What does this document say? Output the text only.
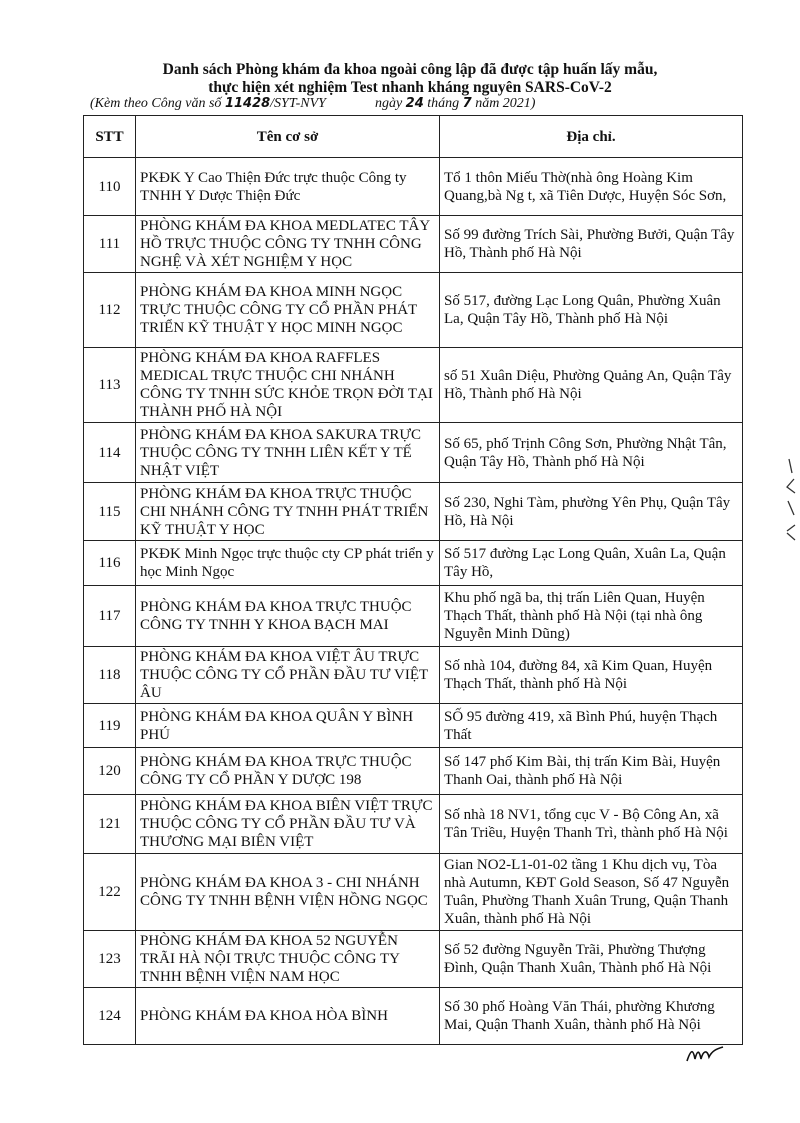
Danh sách Phòng khám đa khoa ngoài công lập đã được tập huấn lấy mẫu,
thực hiện xét nghiệm Test nhanh kháng nguyên SARS-CoV-2
(Kèm theo Công văn số 11428/SYT-NVY	ngày 24 tháng 7 năm 2021)
STT	Tên cơ sở	Địa chỉ.
110	PKĐK Y Cao Thiện Đức trực thuộc Công ty TNHH Y Dược Thiện Đức	Tổ 1 thôn Miếu Thờ(nhà ông Hoàng Kim Quang,bà Ng t, xã Tiên Dược, Huyện Sóc Sơn,
111	PHÒNG KHÁM ĐA KHOA MEDLATEC TÂY HỒ TRỰC THUỘC CÔNG TY TNHH CÔNG NGHỆ VÀ XÉT NGHIỆM Y HỌC	Số 99 đường Trích Sài, Phường Bưởi, Quận Tây Hồ, Thành phố Hà Nội
112	PHÒNG KHÁM ĐA KHOA MINH NGỌC TRỰC THUỘC CÔNG TY CỔ PHẦN PHÁT TRIỂN KỸ THUẬT Y HỌC MINH NGỌC	Số 517, đường Lạc Long Quân, Phường Xuân La, Quận Tây Hồ, Thành phố Hà Nội
113	PHÒNG KHÁM ĐA KHOA RAFFLES MEDICAL TRỰC THUỘC CHI NHÁNH CÔNG TY TNHH SỨC KHỎE TRỌN ĐỜI TẠI THÀNH PHỐ HÀ NỘI	số 51 Xuân Diệu, Phường Quảng An, Quận Tây Hồ, Thành phố Hà Nội
114	PHÒNG KHÁM ĐA KHOA SAKURA TRỰC THUỘC CÔNG TY TNHH LIÊN KẾT Y TẾ NHẬT VIỆT	Số 65, phố Trịnh Công Sơn, Phường Nhật Tân, Quận Tây Hồ, Thành phố Hà Nội
115	PHÒNG KHÁM ĐA KHOA TRỰC THUỘC CHI NHÁNH CÔNG TY TNHH PHÁT TRIỂN KỸ THUẬT Y HỌC	Số 230, Nghi Tàm, phường Yên Phụ, Quận Tây Hồ, Hà Nội
116	PKĐK Minh Ngọc trực thuộc cty CP phát triển y học Minh Ngọc	Số 517 đường Lạc Long Quân, Xuân La, Quận Tây Hồ,
117	PHÒNG KHÁM ĐA KHOA TRỰC THUỘC CÔNG TY TNHH Y KHOA BẠCH MAI	Khu phố ngã ba, thị trấn Liên Quan, Huyện Thạch Thất, thành phố Hà Nội (tại nhà ông Nguyễn Minh Dũng)
118	PHÒNG KHÁM ĐA KHOA VIỆT ÂU TRỰC THUỘC CÔNG TY CỔ PHẦN ĐẦU TƯ VIỆT ÂU	Số nhà 104, đường 84, xã Kim Quan, Huyện Thạch Thất, thành phố Hà Nội
119	PHÒNG KHÁM ĐA KHOA QUÂN Y BÌNH PHÚ	SỐ 95 đường 419, xã Bình Phú, huyện Thạch Thất
120	PHÒNG KHÁM ĐA KHOA TRỰC THUỘC CÔNG TY CỔ PHẦN Y DƯỢC 198	Số 147 phố Kim Bài, thị trấn Kim Bài, Huyện Thanh Oai, thành phố Hà Nội
121	PHÒNG KHÁM ĐA KHOA BIÊN VIỆT TRỰC THUỘC CÔNG TY CỔ PHẦN ĐẦU TƯ VÀ THƯƠNG MẠI BIÊN VIỆT	Số nhà 18 NV1, tổng cục V - Bộ Công An, xã Tân Triều, Huyện Thanh Trì, thành phố Hà Nội
122	PHÒNG KHÁM ĐA KHOA 3 - CHI NHÁNH CÔNG TY TNHH BỆNH VIỆN HỒNG NGỌC	Gian NO2-L1-01-02 tầng 1 Khu dịch vụ, Tòa nhà Autumn, KĐT Gold Season, Số 47 Nguyễn Tuân, Phường Thanh Xuân Trung, Quận Thanh Xuân, thành phố Hà Nội
123	PHÒNG KHÁM ĐA KHOA 52 NGUYỄN TRÃI HÀ NỘI TRỰC THUỘC CÔNG TY TNHH BỆNH VIỆN NAM HỌC	Số 52 đường Nguyễn Trãi, Phường Thượng Đình, Quận Thanh Xuân, Thành phố Hà Nội
124	PHÒNG KHÁM ĐA KHOA HÒA BÌNH	Số 30 phố Hoàng Văn Thái, phường Khương Mai, Quận Thanh Xuân, thành phố Hà Nội
